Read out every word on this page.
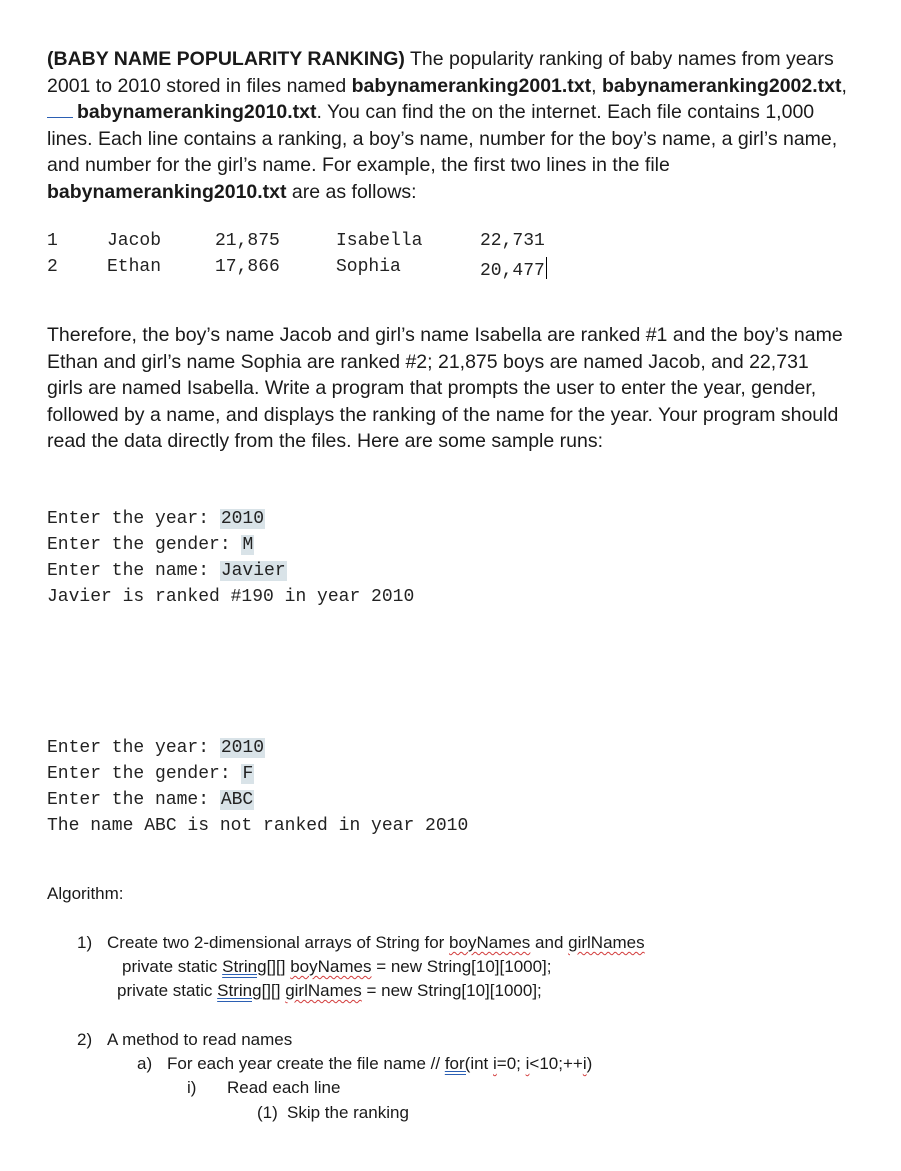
(BABY NAME POPULARITY RANKING) The popularity ranking of baby names from years 2001 to 2010 stored in files named babynameranking2001.txt, babynameranking2002.txt, babynameranking2010.txt. You can find the on the internet. Each file contains 1,000 lines. Each line contains a ranking, a boy’s name, number for the boy’s name, a girl’s name, and number for the girl’s name. For example, the first two lines in the file babynameranking2010.txt are as follows:

1	Jacob	21,875	Isabella	22,731
2	Ethan	17,866	Sophia	20,477

Therefore, the boy’s name Jacob and girl’s name Isabella are ranked #1 and the boy’s name Ethan and girl’s name Sophia are ranked #2; 21,875 boys are named Jacob, and 22,731 girls are named Isabella. Write a program that prompts the user to enter the year, gender, followed by a name, and displays the ranking of the name for the year. Your program should read the data directly from the files. Here are some sample runs:

Enter the year: 2010
Enter the gender: M
Enter the name: Javier
Javier is ranked #190 in year 2010
Enter the year: 2010
Enter the gender: F
Enter the name: ABC
The name ABC is not ranked in year 2010
Algorithm:
1) Create two 2-dimensional arrays of String for boyNames and girlNames
private static String[][] boyNames = new String[10][1000];
private static String[][] girlNames = new String[10][1000];
2) A method to read names
a) For each year create the file name // for(int i=0; i<10;++i)
i) Read each line
(1) Skip the ranking
